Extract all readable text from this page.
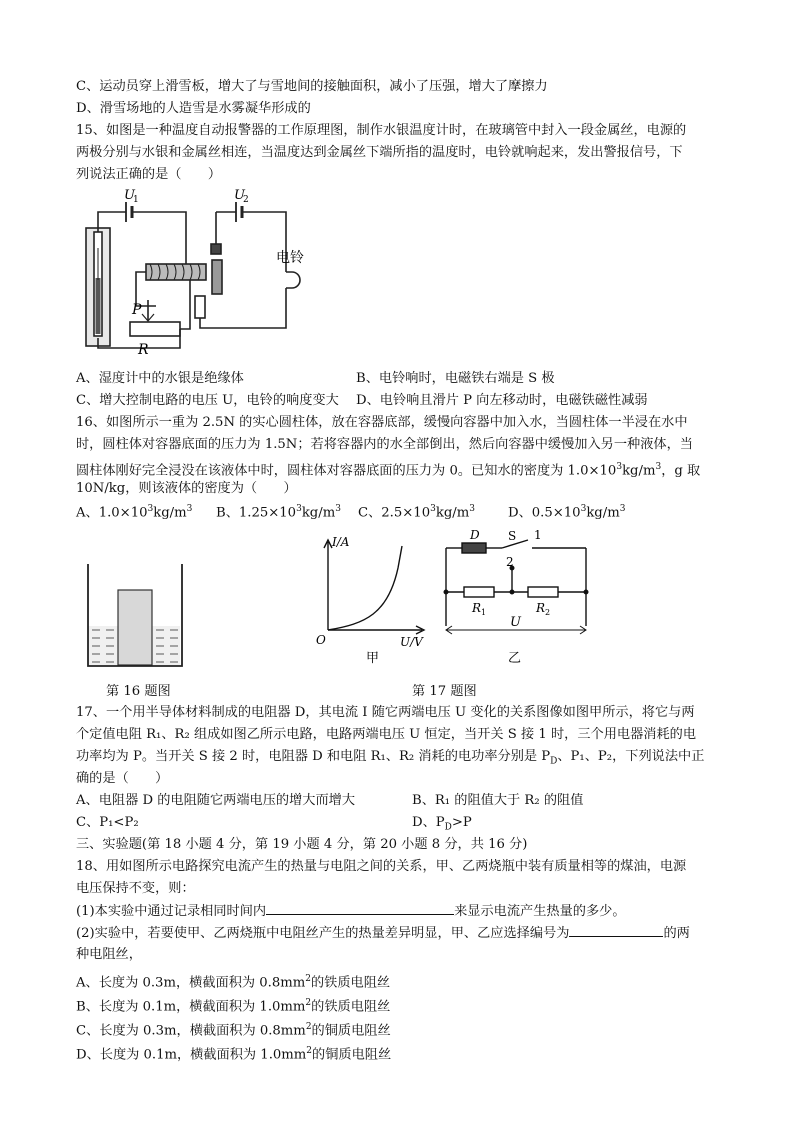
C、运动员穿上滑雪板，增大了与雪地间的接触面积，减小了压强，增大了摩擦力
D、滑雪场地的人造雪是水雾凝华形成的
15、如图是一种温度自动报警器的工作原理图，制作水银温度计时，在玻璃管中封入一段金属丝，电源的
两极分别与水银和金属丝相连，当温度达到金属丝下端所指的温度时，电铃就响起来，发出警报信号，下
列说法正确的是（　　）
U
1	U
2
电铃
P
R
A、湿度计中的水银是绝缘体	B、电铃响时，电磁铁右端是 S 极
C、增大控制电路的电压 U，电铃的响度变大 D、电铃响且滑片 P 向左移动时，电磁铁磁性减弱
16、如图所示一重为 2.5N 的实心圆柱体，放在容器底部，缓慢向容器中加入水，当圆柱体一半浸在水中
时，圆柱体对容器底面的压力为 1.5N；若将容器内的水全部倒出，然后向容器中缓慢加入另一种液体，当
圆柱体刚好完全浸没在该液体中时，圆柱体对容器底面的压力为 0。已知水的密度为 $1.0\times 10^3kg/m^3$，g 取
10N/kg，则该液体的密度为（　　）
A、$1.0\times 10^3kg/m^3$ B、$1.25\times 10^3kg/m^3$ C、$2.5\times 10^3kg/m^3$	D、$0.5\times 10^3kg/m^3$
I/A
U/V
O
甲
D S 1
2
R 1	R 2
U
乙
第 16 题图	第 17 题图
17、一个用半导体材料制成的电阻器 D，其电流 I 随它两端电压 U 变化的关系图像如图甲所示，将它与两
个定值电阻 R₁、R₂ 组成如图乙所示电路，电路两端电压 U 恒定，当开关 S 接 1 时，三个用电器消耗的电
功率均为 P。当开关 S 接 2 时，电阻器 D 和电阻 R₁、R₂ 消耗的电功率分别是 $P_D$、P₁、P₂，下列说法中正
确的是（　　）
A、电阻器 D 的电阻随它两端电压的增大而增大	B、R₁ 的阻值大于 R₂ 的阻值
C、P₁<P₂	D、$P_D>P$
三、实验题(第 18 小题 4 分，第 19 小题 4 分，第 20 小题 8 分，共 16 分)
18、用如图所示电路探究电流产生的热量与电阻之间的关系，甲、乙两烧瓶中装有质量相等的煤油，电源
电压保持不变，则：
(1)本实验中通过记录相同时间内	来显示电流产生热量的多少。
(2)实验中，若要使甲、乙两烧瓶中电阻丝产生的热量差异明显，甲、乙应选择编号为	的两
种电阻丝，
A、长度为 0.3m，横截面积为 $0.8mm^2$的铁质电阻丝
B、长度为 0.1m，横截面积为 $1.0mm^2$的铁质电阻丝
C、长度为 0.3m，横截面积为 $0.8mm^2$的铜质电阻丝
D、长度为 0.1m，横截面积为 $1.0mm^2$的铜质电阻丝
